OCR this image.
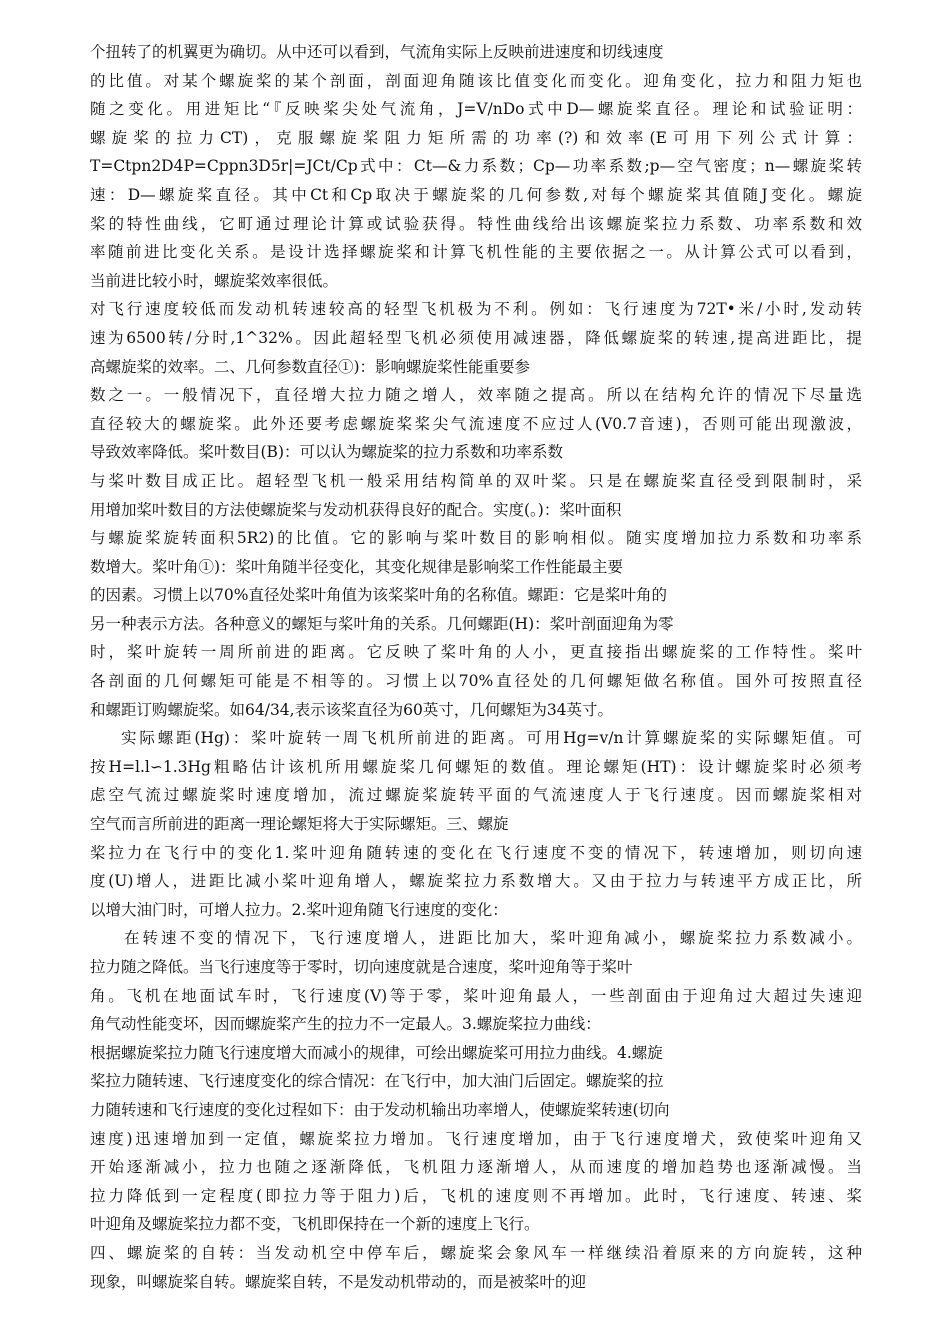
个扭转了的机翼更为确切。从中还可以看到，气流角实际上反映前进速度和切线速度
的比值。对某个螺旋桨的某个剖面，剖面迎角随该比值变化而变化。迎角变化，拉力和阻力矩也
随之变化。用进矩比“『反映桨尖处气流角，J=V/nDo式中D—螺旋桨直径。理论和试验证明：
螺旋桨的拉力CT)，克服螺旋桨阻力矩所需的功率(?)和效率(E可用下列公式计算：
T=Ctpn2D4P=Cppn3D5r|=JCt/Cp式中：Ct—&力系数；Cp—功率系数;p—空气密度；n—螺旋桨转
速：D—螺旋桨直径。其中Ct和Cp取决于螺旋桨的几何参数,对每个螺旋桨其值随J变化。螺旋
桨的特性曲线，它町通过理论计算或试验获得。特性曲线给出该螺旋桨拉力系数、功率系数和效
率随前进比变化关系。是设计选择螺旋桨和计算飞机性能的主要依据之一。从计算公式可以看到，
当前进比较小时，螺旋桨效率很低。
对飞行速度较低而发动机转速较高的轻型飞机极为不利。例如：飞行速度为72T•米/小时,发动转
速为6500转/分时,1^32%。因此超轻型飞机必须使用减速器，降低螺旋桨的转速,提高进距比，提
高螺旋桨的效率。二、几何参数直径①)：影响螺旋桨性能重要参
数之一。一般情况下，直径增大拉力随之增人，效率随之提高。所以在结构允许的情况下尽量选
直径较大的螺旋桨。此外还要考虑螺旋桨桨尖气流速度不应过人(V0.7音速)，否则可能出现激波，
导致效率降低。桨叶数目(B)：可以认为螺旋桨的拉力系数和功率系数
与桨叶数目成正比。超轻型飞机一般采用结构简单的双叶桨。只是在螺旋桨直径受到限制时，采
用增加桨叶数目的方法使螺旋桨与发动机获得良好的配合。实度(。)：桨叶面积
与螺旋桨旋转面积5R2)的比值。它的影响与桨叶数目的影响相似。随实度增加拉力系数和功率系
数增大。桨叶角①)：桨叶角随半径变化，其变化规律是影响桨工作性能最主要
的因素。习惯上以70%直径处桨叶角值为该桨桨叶角的名称值。螺距：它是桨叶角的
另一种表示方法。各种意义的螺矩与桨叶角的关系。几何螺距(H)：桨叶剖面迎角为零
时，桨叶旋转一周所前进的距离。它反映了桨叶角的人小，更直接指出螺旋桨的工作特性。桨叶
各剖面的几何螺矩可能是不相等的。习惯上以70%直径处的几何螺矩做名称值。国外可按照直径
和螺距订购螺旋桨。如64/34,表示该桨直径为60英寸，几何螺矩为34英寸。
实际螺距(Hg)：桨叶旋转一周飞机所前进的距离。可用Hg=v/n计算螺旋桨的实际螺矩值。可
按H=l.l∽1.3Hg粗略估计该机所用螺旋桨几何螺矩的数值。理论螺矩(HT)：设计螺旋桨时必须考
虑空气流过螺旋桨时速度增加，流过螺旋桨旋转平面的气流速度人于飞行速度。因而螺旋桨相对
空气而言所前进的距离一理论螺矩将大于实际螺矩。三、螺旋
桨拉力在飞行中的变化1.桨叶迎角随转速的变化在飞行速度不变的情况下，转速增加，则切向速
度(U)增人，进距比减小桨叶迎角增人，螺旋桨拉力系数增大。又由于拉力与转速平方成正比，所
以增大油门时，可增人拉力。2.桨叶迎角随飞行速度的变化：
在转速不变的情况下，飞行速度增人，进距比加大，桨叶迎角减小，螺旋桨拉力系数减小。
拉力随之降低。当飞行速度等于零时，切向速度就是合速度，桨叶迎角等于桨叶
角。飞机在地面试车时，飞行速度(V)等于零，桨叶迎角最人，一些剖面由于迎角过大超过失速迎
角气动性能变坏，因而螺旋桨产生的拉力不一定最人。3.螺旋桨拉力曲线：
根据螺旋桨拉力随飞行速度增大而减小的规律，可绘出螺旋桨可用拉力曲线。4.螺旋
桨拉力随转速、飞行速度变化的综合情况：在飞行中，加大油门后固定。螺旋桨的拉
力随转速和飞行速度的变化过程如下：由于发动机输出功率增人，使螺旋桨转速(切向
速度)迅速增加到一定值，螺旋桨拉力增加。飞行速度增加，由于飞行速度增犬，致使桨叶迎角又
开始逐渐减小，拉力也随之逐渐降低，飞机阻力逐渐增人，从而速度的增加趋势也逐渐减慢。当
拉力降低到一定程度(即拉力等于阻力)后，飞机的速度则不再增加。此时，飞行速度、转速、桨
叶迎角及螺旋桨拉力都不变，飞机即保持在一个新的速度上飞行。
四、螺旋桨的自转：当发动机空中停车后，螺旋桨会象风车一样继续沿着原来的方向旋转，这种
现象，叫螺旋桨自转。螺旋桨自转，不是发动机带动的，而是被桨叶的迎
